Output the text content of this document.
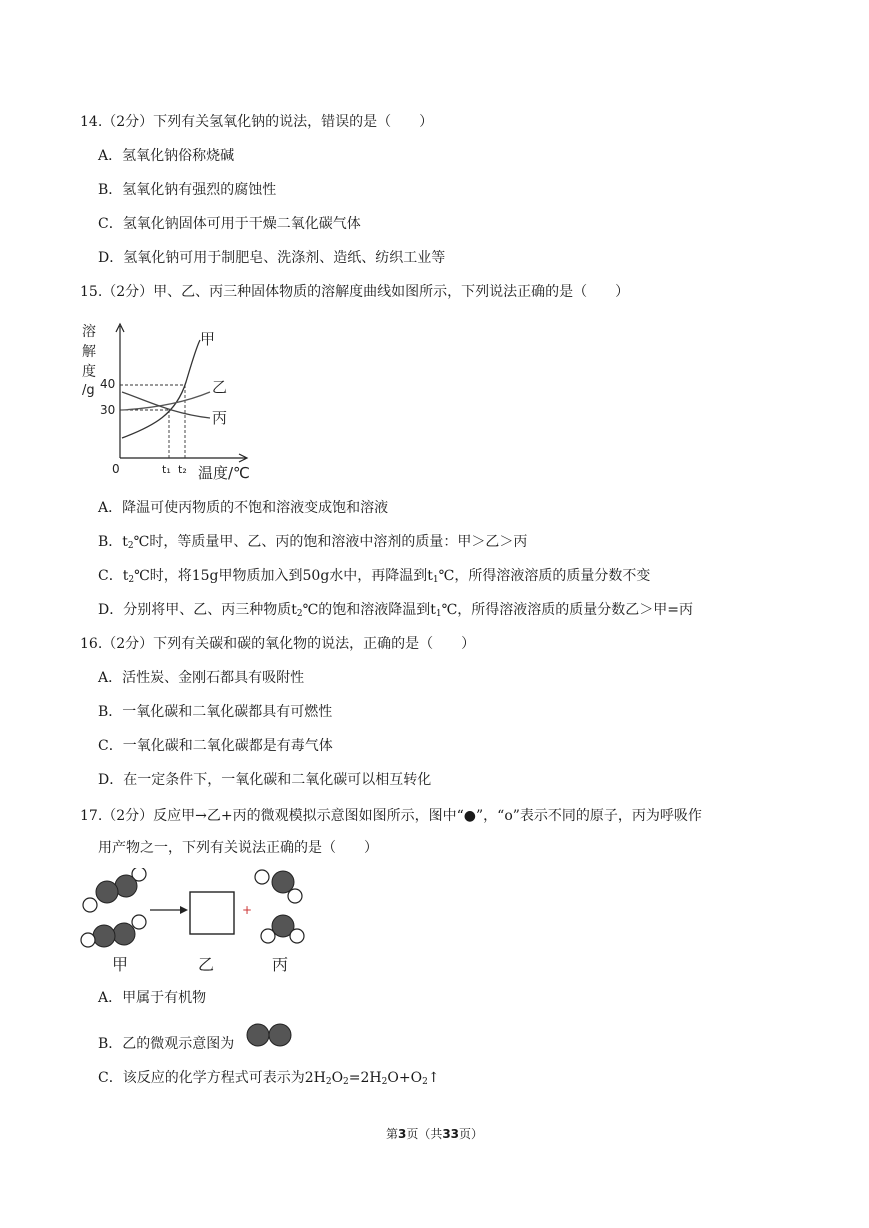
14.（2分）下列有关氢氧化钠的说法，错误的是（　　）
A．氢氧化钠俗称烧碱
B．氢氧化钠有强烈的腐蚀性
C．氢氧化钠固体可用于干燥二氧化碳气体
D．氢氧化钠可用于制肥皂、洗涤剂、造纸、纺织工业等
15.（2分）甲、乙、丙三种固体物质的溶解度曲线如图所示，下列说法正确的是（　　）
溶
解
度
/g 40
30
0	t₁ t₂ 温度/℃
甲
乙
丙
A．降温可使丙物质的不饱和溶液变成饱和溶液
B．$t_2℃$时，等质量甲、乙、丙的饱和溶液中溶剂的质量：甲＞乙＞丙
C．$t_2℃$时，将15g甲物质加入到50g水中，再降温到$t_1℃$，所得溶液溶质的质量分数不变
D．分别将甲、乙、丙三种物质$t_2℃$的饱和溶液降温到$t_1℃$，所得溶液溶质的质量分数乙＞甲=丙
16.（2分）下列有关碳和碳的氧化物的说法，正确的是（　　）
A．活性炭、金刚石都具有吸附性
B．一氧化碳和二氧化碳都具有可燃性
C．一氧化碳和二氧化碳都是有毒气体
D．在一定条件下，一氧化碳和二氧化碳可以相互转化
17.（2分）反应甲→乙+丙的微观模拟示意图如图所示，图中“●”，“o”表示不同的原子，丙为呼吸作
用产物之一，下列有关说法正确的是（　　）
+
甲	乙	丙
A．甲属于有机物
B．乙的微观示意图为
C．该反应的化学方程式可表示为$2H_2O_2=2H_2O+O_2↑$
第3页（共33页）
